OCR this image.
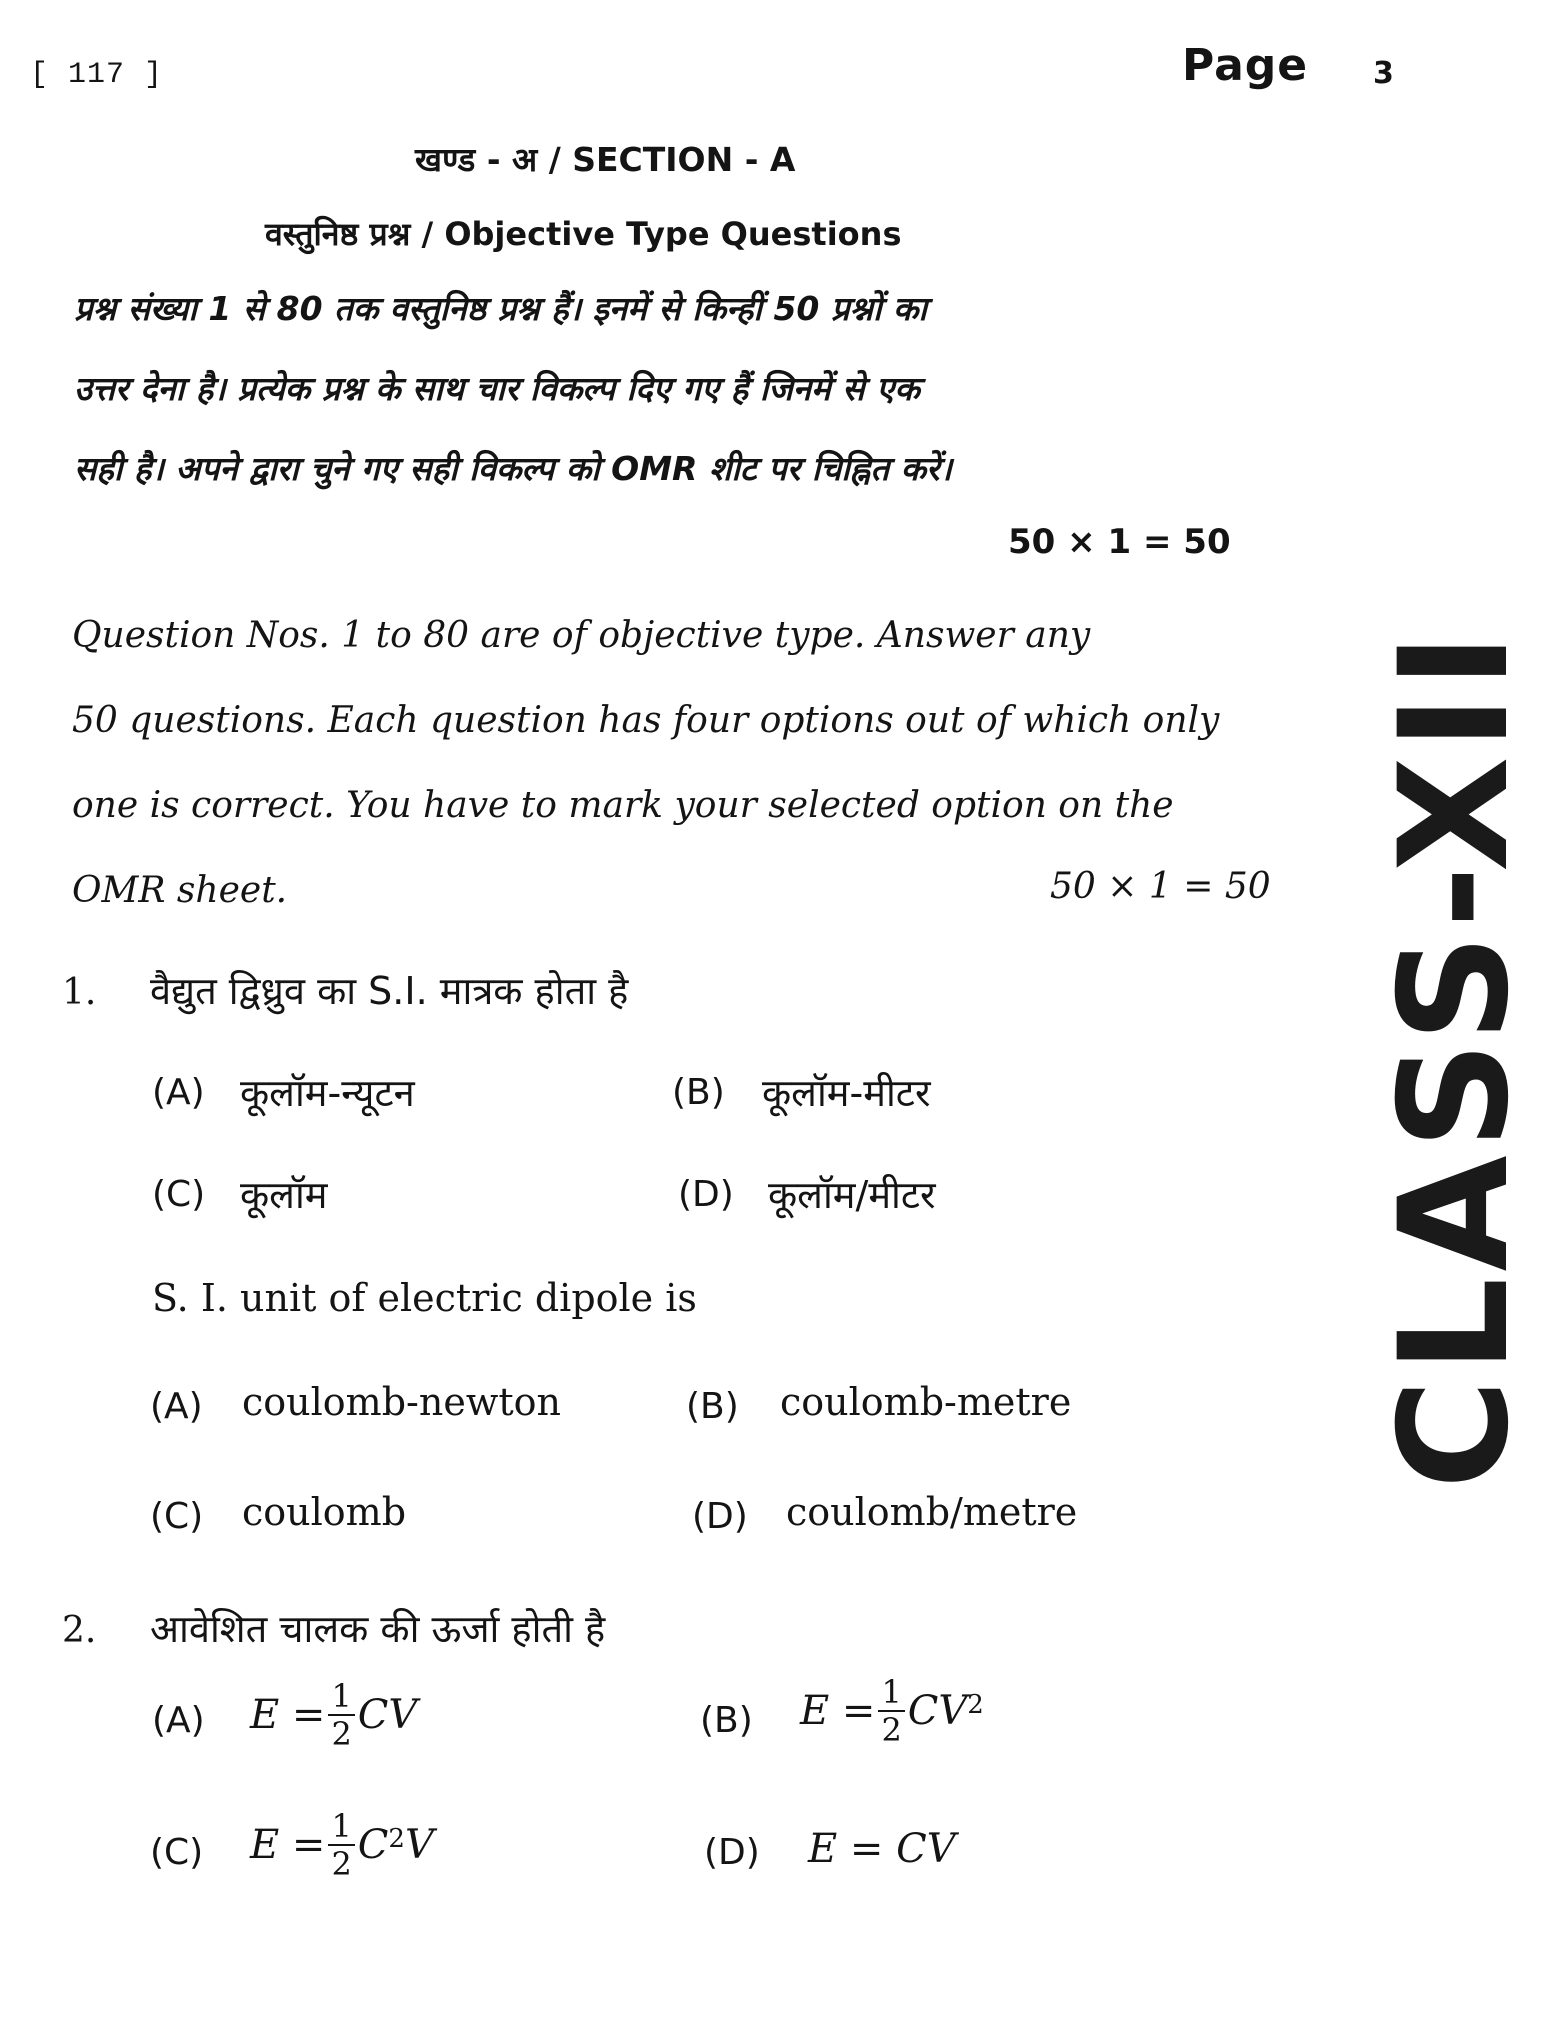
[ 117 ]	Page 3
खण्ड - अ / SECTION - A
वस्तुनिष्ठ प्रश्न / Objective Type Questions
प्रश्न संख्या 1 से 80 तक वस्तुनिष्ठ प्रश्न हैं। इनमें से किन्हीं 50 प्रश्नों का
उत्तर देना है। प्रत्येक प्रश्न के साथ चार विकल्प दिए गए हैं जिनमें से एक
सही है। अपने द्वारा चुने गए सही विकल्प को OMR शीट पर चिह्नित करें।
50 × 1 = 50
Question Nos. 1 to 80 are of objective type. Answer any
50 questions. Each question has four options out of which only
one is correct. You have to mark your selected option on the
OMR sheet.	50 × 1 = 50
1. वैद्युत द्विध्रुव का S.I. मात्रक होता है
(A) कूलॉम-न्यूटन	(B) कूलॉम-मीटर
(C) कूलॉम	(D) कूलॉम/मीटर
S. I. unit of electric dipole is
(A) coulomb-newton	(B) coulomb-metre
(C) coulomb	(D) coulomb/metre
2. आवेशित चालक की ऊर्जा होती है
(A) $E = \frac{1}{2}$ CV	(B) $E = \frac{1}{2}$ CV 2
(C) $E = \frac{1}{2}$ C 2 V	(D) E = CV
CLASS-XII
